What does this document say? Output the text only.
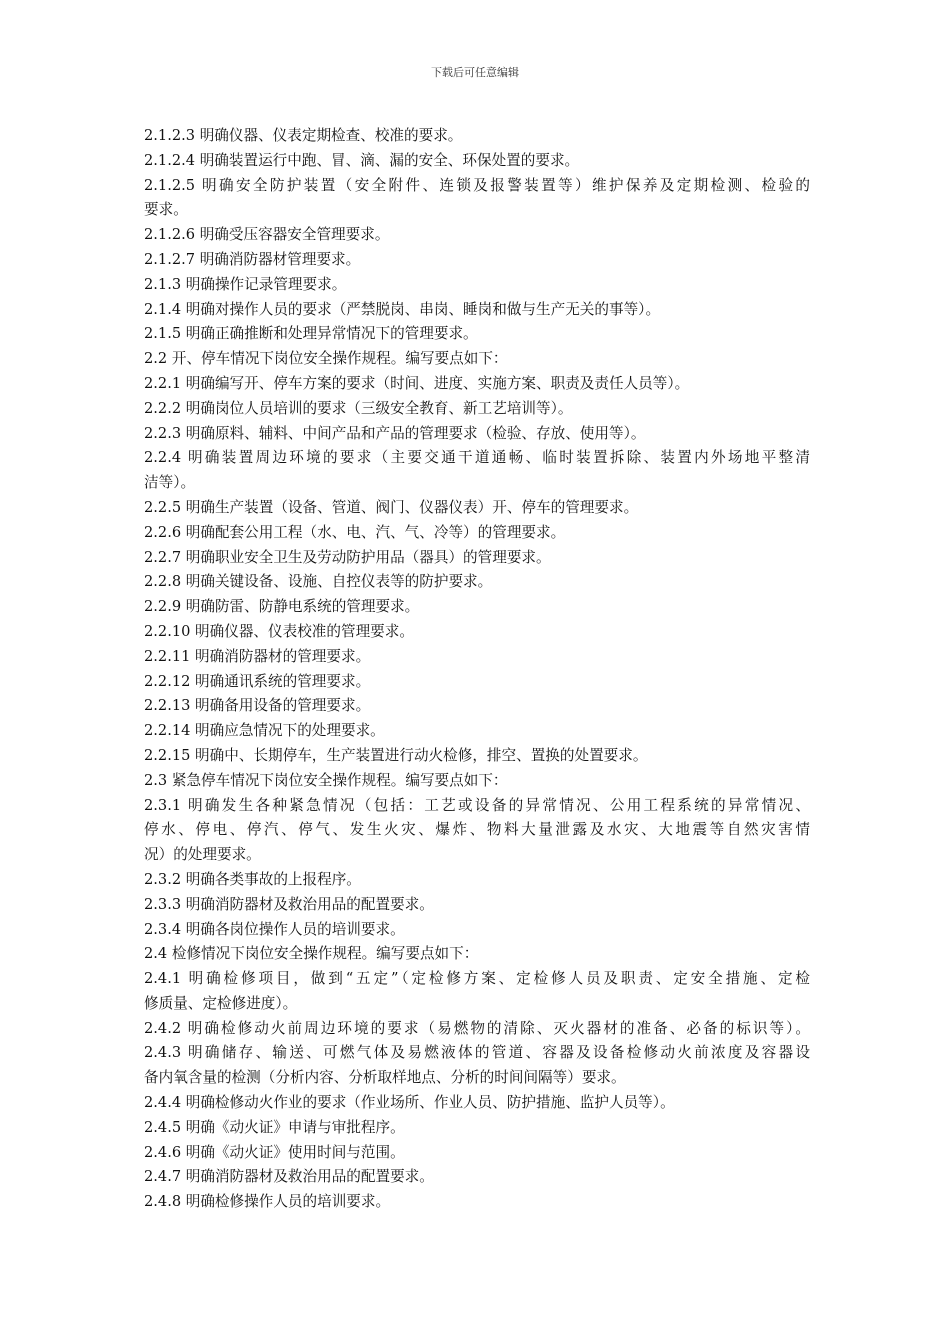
下载后可任意编辑

2.1.2.3 明确仪器、仪表定期检查、校准的要求。

2.1.2.4 明确装置运行中跑、冒、滴、漏的安全、环保处置的要求。

2.1.2.5 明确安全防护装置（安全附件、连锁及报警装置等）维护保养及定期检测、检验的

要求。

2.1.2.6 明确受压容器安全管理要求。

2.1.2.7 明确消防器材管理要求。

2.1.3 明确操作记录管理要求。

2.1.4 明确对操作人员的要求（严禁脱岗、串岗、睡岗和做与生产无关的事等）。

2.1.5 明确正确推断和处理异常情况下的管理要求。

2.2 开、停车情况下岗位安全操作规程。编写要点如下：

2.2.1 明确编写开、停车方案的要求（时间、进度、实施方案、职责及责任人员等）。

2.2.2 明确岗位人员培训的要求（三级安全教育、新工艺培训等）。

2.2.3 明确原料、辅料、中间产品和产品的管理要求（检验、存放、使用等）。

2.2.4 明确装置周边环境的要求（主要交通干道通畅、临时装置拆除、装置内外场地平整清

洁等）。

2.2.5 明确生产装置（设备、管道、阀门、仪器仪表）开、停车的管理要求。

2.2.6 明确配套公用工程（水、电、汽、气、冷等）的管理要求。

2.2.7 明确职业安全卫生及劳动防护用品（器具）的管理要求。

2.2.8 明确关键设备、设施、自控仪表等的防护要求。

2.2.9 明确防雷、防静电系统的管理要求。

2.2.10 明确仪器、仪表校准的管理要求。

2.2.11 明确消防器材的管理要求。

2.2.12 明确通讯系统的管理要求。

2.2.13 明确备用设备的管理要求。

2.2.14 明确应急情况下的处理要求。

2.2.15 明确中、长期停车，生产装置进行动火检修，排空、置换的处置要求。

2.3 紧急停车情况下岗位安全操作规程。编写要点如下：

2.3.1 明确发生各种紧急情况（包括：工艺或设备的异常情况、公用工程系统的异常情况、

停水、停电、停汽、停气、发生火灾、爆炸、物料大量泄露及水灾、大地震等自然灾害情

况）的处理要求。

2.3.2 明确各类事故的上报程序。

2.3.3 明确消防器材及救治用品的配置要求。

2.3.4 明确各岗位操作人员的培训要求。

2.4 检修情况下岗位安全操作规程。编写要点如下：

2.4.1 明确检修项目，做到“五定”（定检修方案、定检修人员及职责、定安全措施、定检

修质量、定检修进度）。

2.4.2 明确检修动火前周边环境的要求（易燃物的清除、灭火器材的准备、必备的标识等）。

2.4.3 明确储存、输送、可燃气体及易燃液体的管道、容器及设备检修动火前浓度及容器设

备内氧含量的检测（分析内容、分析取样地点、分析的时间间隔等）要求。

2.4.4 明确检修动火作业的要求（作业场所、作业人员、防护措施、监护人员等）。

2.4.5 明确《动火证》申请与审批程序。

2.4.6 明确《动火证》使用时间与范围。

2.4.7 明确消防器材及救治用品的配置要求。

2.4.8 明确检修操作人员的培训要求。
